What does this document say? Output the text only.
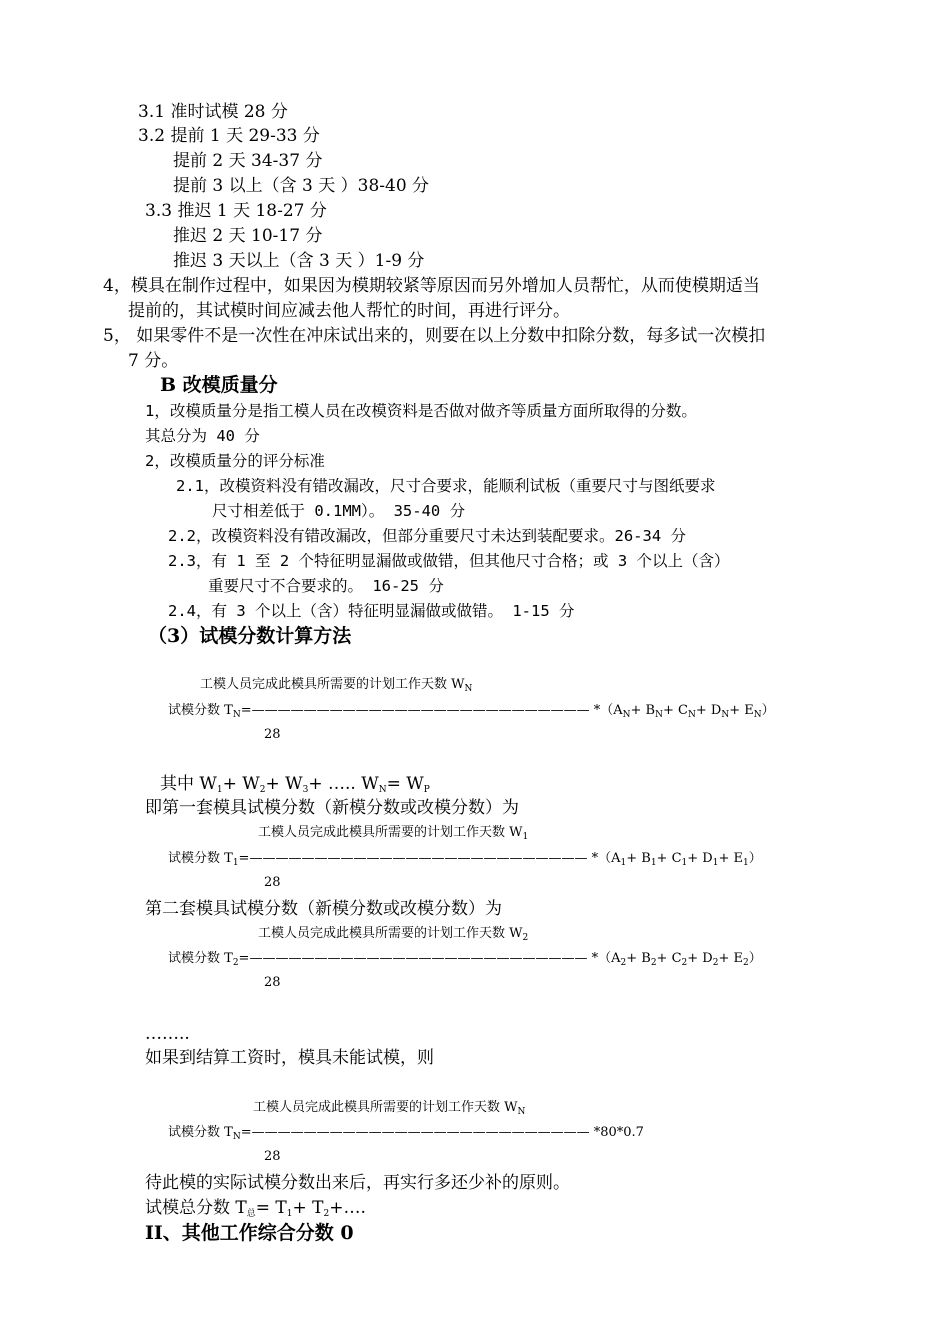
3.1 准时试模 28 分
3.2 提前 1 天 29-33 分
提前 2 天 34-37 分
提前 3 以上（含 3 天 ）38-40 分
3.3 推迟 1 天 18-27 分
推迟 2 天 10-17 分
推迟 3 天以上（含 3 天 ）1-9 分
4，模具在制作过程中，如果因为模期较紧等原因而另外增加人员帮忙，从而使模期适当
提前的，其试模时间应减去他人帮忙的时间，再进行评分。
5， 如果零件不是一次性在冲床试出来的，则要在以上分数中扣除分数，每多试一次模扣
7 分。
B 改模质量分
1，改模质量分是指工模人员在改模资料是否做对做齐等质量方面所取得的分数。
其总分为 40 分
2，改模质量分的评分标准
2.1，改模资料没有错改漏改，尺寸合要求，能顺利试板（重要尺寸与图纸要求
尺寸相差低于 0.1MM）。 35-40 分
2.2，改模资料没有错改漏改，但部分重要尺寸未达到装配要求。26-34 分
2.3，有 1 至 2 个特征明显漏做或做错，但其他尺寸合格；或 3 个以上（含）
重要尺寸不合要求的。 16-25 分
2.4，有 3 个以上（含）特征明显漏做或做错。 1-15 分
（3）试模分数计算方法
工模人员完成此模具所需要的计划工作天数 $W_N$
试模分数 $T_N=——————————————————————————$ $*(A_N+ B_N+ C_N+ D_N+ E_N)$
28
其中 $W_1+ W_2+ W_3+$ ….. $W_N= W_P$
即第一套模具试模分数（新模分数或改模分数）为
工模人员完成此模具所需要的计划工作天数 $W_1$
试模分数 $T_1=——————————————————————————$ $*(A_1+ B_1+ C_1+ D_1+ E_1)$
28
第二套模具试模分数（新模分数或改模分数）为
工模人员完成此模具所需要的计划工作天数 $W_2$
试模分数 $T_2=——————————————————————————$ $*(A_2+ B_2+ C_2+ D_2+ E_2)$
28
……..
如果到结算工资时，模具未能试模，则
工模人员完成此模具所需要的计划工作天数 $W_N$
试模分数 $T_N=——————————————————————————$ *80*0.7
28
待此模的实际试模分数出来后，再实行多还少补的原则。
试模总分数 $T_总= T_1+$ $T_2+\dots$.
II、其他工作综合分数 0
